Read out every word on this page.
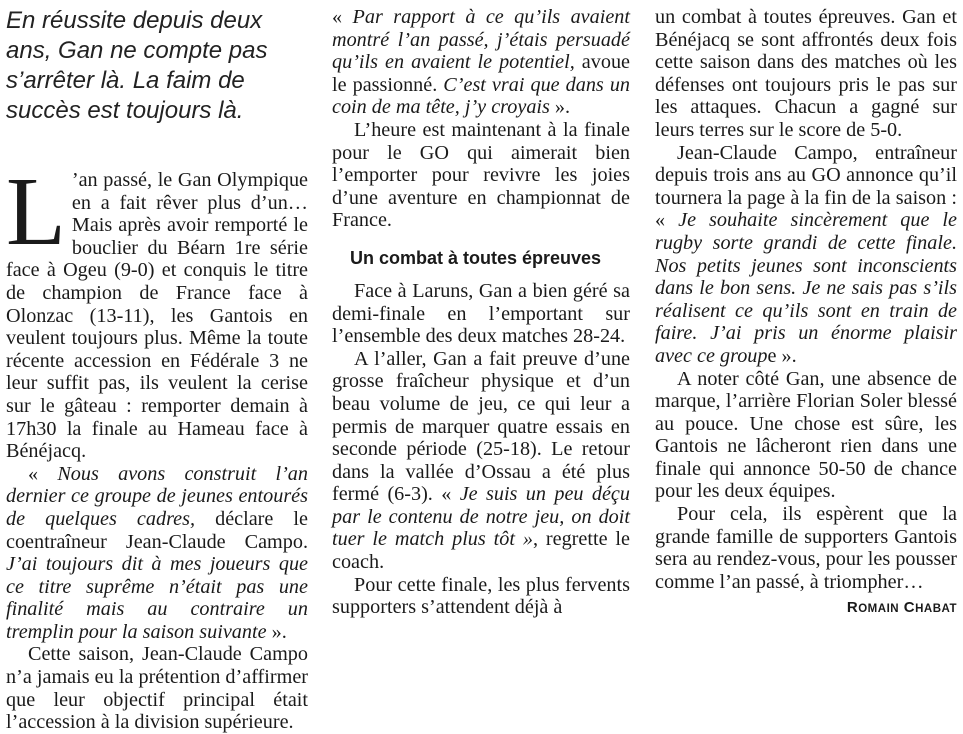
En réussite depuis deux ans, Gan ne compte pas s’arrêter là. La faim de succès est toujours là.

L ’an passé, le Gan Olympique en a fait rêver plus d’un… Mais après avoir remporté le bouclier du Béarn 1re série face à Ogeu (9-0) et conquis le titre de champion de France face à Olonzac (13-11), les Gantois en veulent toujours plus. Même la toute récente accession en Fédérale 3 ne leur suffit pas, ils veulent la cerise sur le gâteau : remporter demain à 17h30 la finale au Hameau face à Bénéjacq.

« Nous avons construit l’an dernier ce groupe de jeunes entourés de quelques cadres, déclare le coentraîneur Jean-Claude Campo. J’ai toujours dit à mes joueurs que ce titre suprême n’était pas une finalité mais au contraire un tremplin pour la saison suivante ».

Cette saison, Jean-Claude Campo n’a jamais eu la prétention d’affirmer que leur objectif principal était l’accession à la division supérieure.

« Par rapport à ce qu’ils avaient montré l’an passé, j’étais persuadé qu’ils en avaient le potentiel, avoue le passionné. C’est vrai que dans un coin de ma tête, j’y croyais ».

L’heure est maintenant à la finale pour le GO qui aimerait bien l’emporter pour revivre les joies d’une aventure en championnat de France.

Un combat à toutes épreuves

Face à Laruns, Gan a bien géré sa demi-finale en l’emportant sur l’ensemble des deux matches 28-24.

A l’aller, Gan a fait preuve d’une grosse fraîcheur physique et d’un beau volume de jeu, ce qui leur a permis de marquer quatre essais en seconde période (25-18). Le retour dans la vallée d’Ossau a été plus fermé (6-3). « Je suis un peu déçu par le contenu de notre jeu, on doit tuer le match plus tôt », regrette le coach.

Pour cette finale, les plus fervents supporters s’attendent déjà à

un combat à toutes épreuves. Gan et Bénéjacq se sont affrontés deux fois cette saison dans des matches où les défenses ont toujours pris le pas sur les attaques. Chacun a gagné sur leurs terres sur le score de 5-0.

Jean-Claude Campo, entraîneur depuis trois ans au GO annonce qu’il tournera la page à la fin de la saison : « Je souhaite sincèrement que le rugby sorte grandi de cette finale. Nos petits jeunes sont inconscients dans le bon sens. Je ne sais pas s’ils réalisent ce qu’ils sont en train de faire. J’ai pris un énorme plaisir avec ce groupe ».

A noter côté Gan, une absence de marque, l’arrière Florian Soler blessé au pouce. Une chose est sûre, les Gantois ne lâcheront rien dans une finale qui annonce 50-50 de chance pour les deux équipes.

Pour cela, ils espèrent que la grande famille de supporters Gantois sera au rendez-vous, pour les pousser comme l’an passé, à triompher…

ROMAIN CHABAT
